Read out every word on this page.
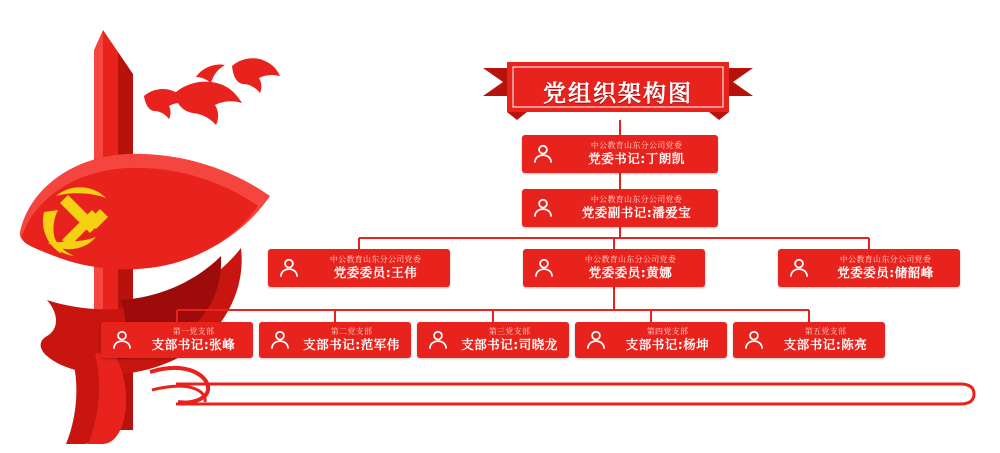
党组织架构图
中公教育山东分公司党委
党委书记:丁朗凯
中公教育山东分公司党委
党委副书记:潘爱宝
中公教育山东分公司党委
党委委员:王伟
中公教育山东分公司党委
党委委员:黄娜
中公教育山东分公司党委
党委委员:储韶峰
第一党支部
支部书记:张峰
第二党支部
支部书记:范军伟
第三党支部
支部书记:司晓龙
第四党支部
支部书记:杨坤
第五党支部
支部书记:陈亮
